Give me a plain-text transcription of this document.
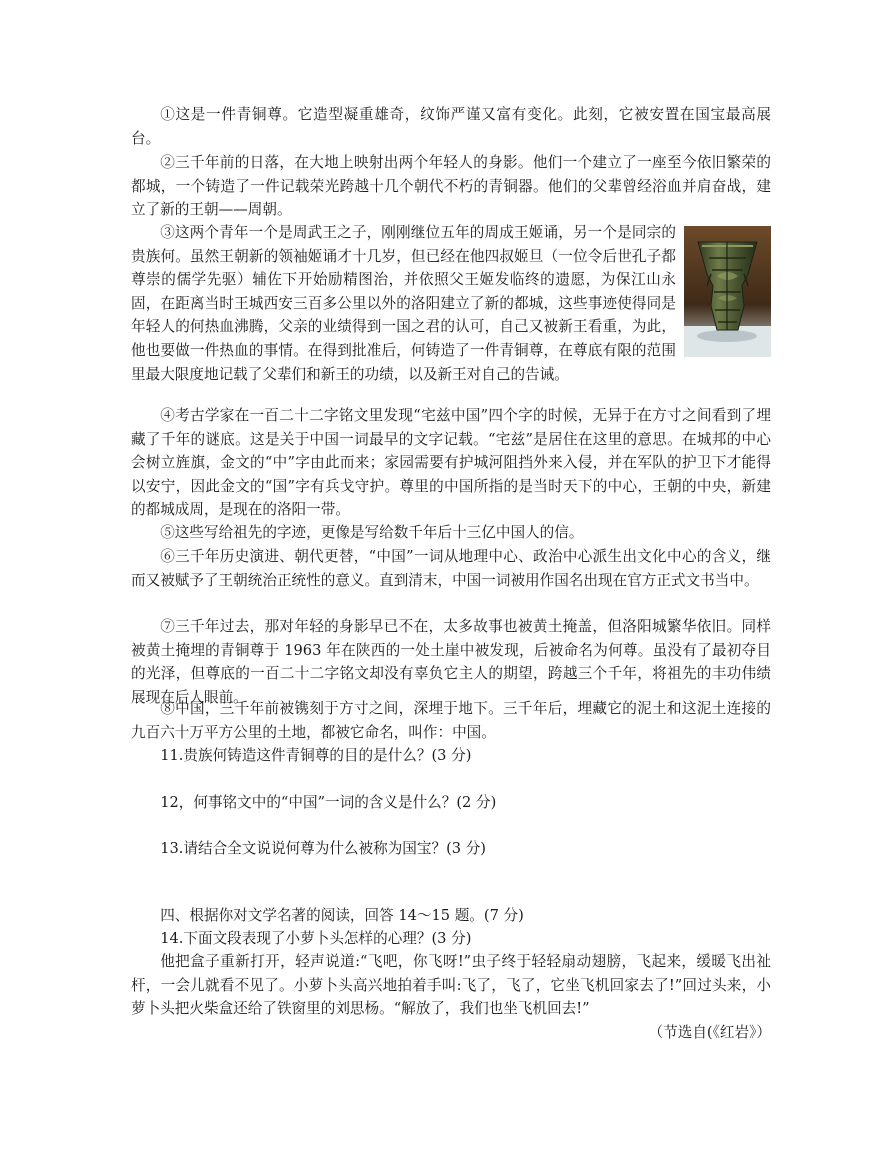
①这是一件青铜尊。它造型凝重雄奇，纹饰严谨又富有变化。此刻，它被安置在国宝最高展台。

②三千年前的日落，在大地上映射出两个年轻人的身影。他们一个建立了一座至今依旧繁荣的都城，一个铸造了一件记载荣光跨越十几个朝代不朽的青铜器。他们的父辈曾经浴血并肩奋战，建立了新的王朝——周朝。

③这两个青年一个是周武王之子，刚刚继位五年的周成王姬诵，另一个是同宗的贵族何。虽然王朝新的领袖姬诵才十几岁，但已经在他四叔姬旦（一位令后世孔子都尊崇的儒学先驱）辅佐下开始励精图治，并依照父王姬发临终的遗愿，为保江山永固，在距离当时王城西安三百多公里以外的洛阳建立了新的都城，这些事迹使得同是年轻人的何热血沸腾，父亲的业绩得到一国之君的认可，自己又被新王看重，为此，他也要做一件热血的事情。在得到批准后，何铸造了一件青铜尊，在尊底有限的范围里最大限度地记载了父辈们和新王的功绩，以及新王对自己的告诫。

④考古学家在一百二十二字铭文里发现“宅兹中国”四个字的时候，无异于在方寸之间看到了埋藏了千年的谜底。这是关于中国一词最早的文字记载。“宅兹”是居住在这里的意思。在城邦的中心会树立旌旗，金文的“中”字由此而来；家园需要有护城河阻挡外来入侵，并在军队的护卫下才能得以安宁，因此金文的“国”字有兵戈守护。尊里的中国所指的是当时天下的中心，王朝的中央，新建的都城成周，是现在的洛阳一带。

⑤这些写给祖先的字迹，更像是写给数千年后十三亿中国人的信。

⑥三千年历史演进、朝代更替，“中国”一词从地理中心、政治中心派生出文化中心的含义，继而又被赋予了王朝统治正统性的意义。直到清末，中国一词被用作国名出现在官方正式文书当中。

⑦三千年过去，那对年轻的身影早已不在，太多故事也被黄土掩盖，但洛阳城繁华依旧。同样被黄土掩埋的青铜尊于 1963 年在陕西的一处土崖中被发现，后被命名为何尊。虽没有了最初夺目的光泽，但尊底的一百二十二字铭文却没有辜负它主人的期望，跨越三个千年，将祖先的丰功伟绩展现在后人眼前。

⑧中国，三千年前被镌刻于方寸之间，深埋于地下。三千年后，埋藏它的泥土和这泥土连接的九百六十万平方公里的土地，都被它命名，叫作：中国。

11.贵族何铸造这件青铜尊的目的是什么？(3 分)

12，何事铭文中的“中国”一词的含义是什么？(2 分)

13.请结合全文说说何尊为什么被称为国宝？(3 分)

四、根据你对文学名著的阅读，回答 14～15 题。(7 分)

14.下面文段表现了小萝卜头怎样的心理？(3 分)

他把盒子重新打开，轻声说道:“飞吧，你飞呀!”虫子终于轻轻扇动翅膀，飞起来，缓暖飞出祉杆，一会儿就看不见了。小萝卜头高兴地拍着手叫:飞了，飞了，它坐飞机回家去了!”回过头来，小萝卜头把火柴盒还给了铁窗里的刘思杨。“解放了，我们也坐飞机回去!”

（节选自(《红岩》）
